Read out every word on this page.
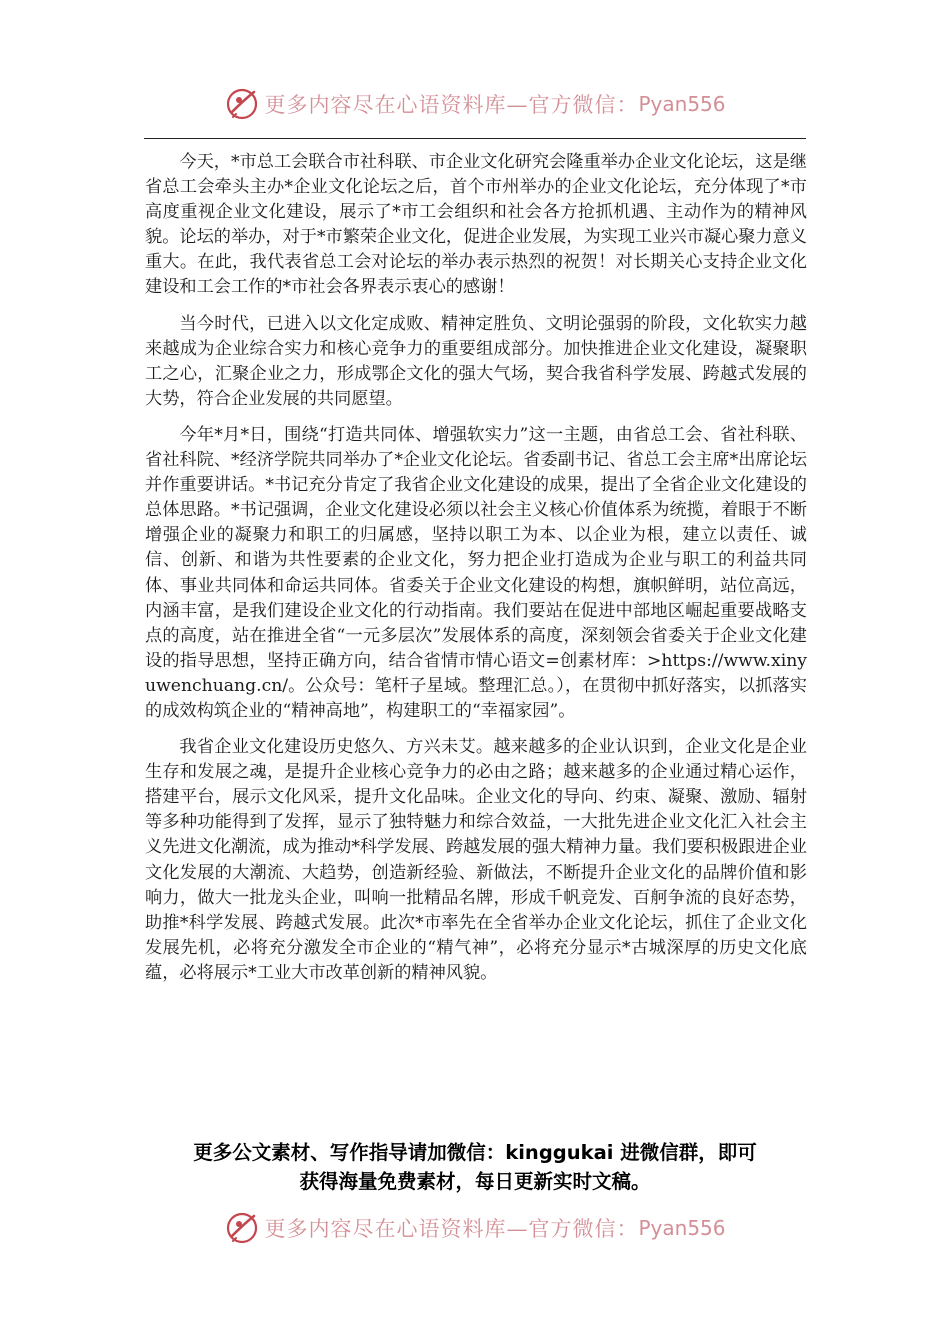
更多内容尽在心语资料库—官方微信： Pyan556

今天，*市总工会联合市社科联、市企业文化研究会隆重举办企业文化论坛，这是继省总工会牵头主办*企业文化论坛之后，首个市州举办的企业文化论坛，充分体现了*市高度重视企业文化建设，展示了*市工会组织和社会各方抢抓机遇、主动作为的精神风貌。论坛的举办，对于*市繁荣企业文化，促进企业发展，为实现工业兴市凝心聚力意义重大。在此，我代表省总工会对论坛的举办表示热烈的祝贺！对长期关心支持企业文化建设和工会工作的*市社会各界表示衷心的感谢！

当今时代，已进入以文化定成败、精神定胜负、文明论强弱的阶段，文化软实力越来越成为企业综合实力和核心竞争力的重要组成部分。加快推进企业文化建设，凝聚职工之心，汇聚企业之力，形成鄂企文化的强大气场，契合我省科学发展、跨越式发展的大势，符合企业发展的共同愿望。

今年*月*日，围绕“打造共同体、增强软实力”这一主题，由省总工会、省社科联、省社科院、*经济学院共同举办了*企业文化论坛。省委副书记、省总工会主席*出席论坛并作重要讲话。*书记充分肯定了我省企业文化建设的成果，提出了全省企业文化建设的总体思路。*书记强调，企业文化建设必须以社会主义核心价值体系为统揽，着眼于不断增强企业的凝聚力和职工的归属感，坚持以职工为本、以企业为根，建立以责任、诚信、创新、和谐为共性要素的企业文化，努力把企业打造成为企业与职工的利益共同体、事业共同体和命运共同体。省委关于企业文化建设的构想，旗帜鲜明，站位高远，内涵丰富，是我们建设企业文化的行动指南。我们要站在促进中部地区崛起重要战略支点的高度，站在推进全省“一元多层次”发展体系的高度，深刻领会省委关于企业文化建设的指导思想，坚持正确方向，结合省情市情心语文=创素材库：>https://www.xinyuwenchuang.cn/。公众号：笔杆子星域。整理汇总。），在贯彻中抓好落实，以抓落实的成效构筑企业的“精神高地”，构建职工的“幸福家园”。

我省企业文化建设历史悠久、方兴未艾。越来越多的企业认识到，企业文化是企业生存和发展之魂，是提升企业核心竞争力的必由之路；越来越多的企业通过精心运作，搭建平台，展示文化风采，提升文化品味。企业文化的导向、约束、凝聚、激励、辐射等多种功能得到了发挥，显示了独特魅力和综合效益，一大批先进企业文化汇入社会主义先进文化潮流，成为推动*科学发展、跨越发展的强大精神力量。我们要积极跟进企业文化发展的大潮流、大趋势，创造新经验、新做法，不断提升企业文化的品牌价值和影响力，做大一批龙头企业，叫响一批精品名牌，形成千帆竞发、百舸争流的良好态势，助推*科学发展、跨越式发展。此次*市率先在全省举办企业文化论坛，抓住了企业文化发展先机，必将充分激发全市企业的“精气神”，必将充分显示*古城深厚的历史文化底蕴，必将展示*工业大市改革创新的精神风貌。

更多公文素材、写作指导请加微信：kinggukai 进微信群，即可
获得海量免费素材，每日更新实时文稿。
更多内容尽在心语资料库—官方微信： Pyan556
